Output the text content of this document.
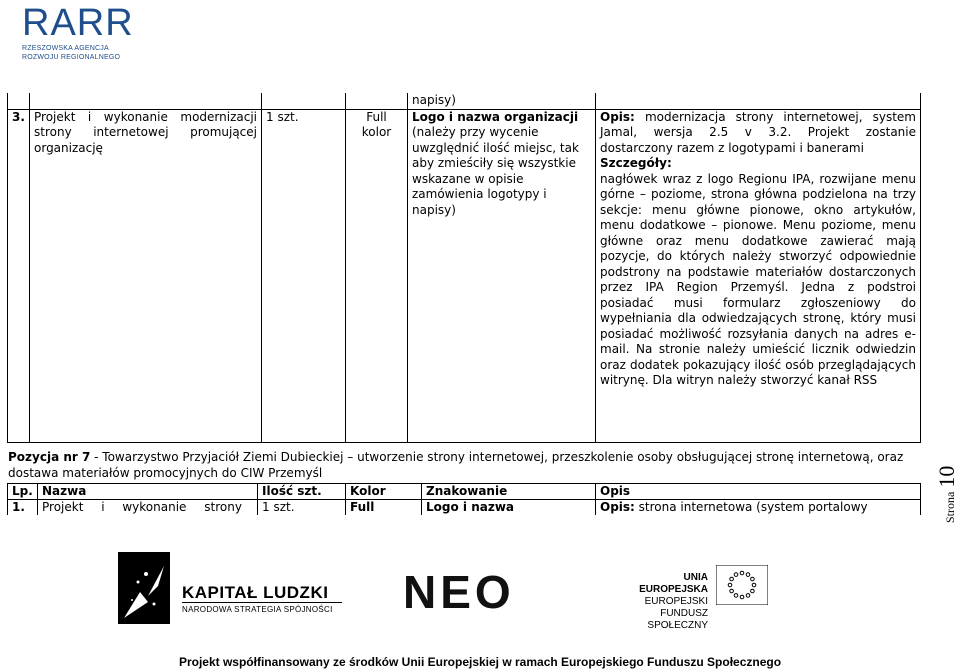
RARR
RZESZOWSKA AGENCJA
ROZWOJU REGIONALNEGO
				napisy)	
3.	Projekt i wykonanie modernizacji strony internetowej promującej organizację	1 szt.	Full kolor	Logo i nazwa organizacji (należy przy wycenie uwzględnić ilość miejsc, tak aby zmieściły się wszystkie wskazane w opisie zamówienia logotypy i napisy)	Opis: modernizacja strony internetowej, system Jamal, wersja 2.5 v 3.2. Projekt zostanie dostarczony razem z logotypami i banerami
Szczegóły:
nagłówek wraz z logo Regionu IPA, rozwijane menu górne – poziome, strona główna podzielona na trzy sekcje: menu główne pionowe, okno artykułów, menu dodatkowe – pionowe. Menu poziome, menu główne oraz menu dodatkowe zawierać mają pozycje, do których należy stworzyć odpowiednie podstrony na podstawie materiałów dostarczonych przez IPA Region Przemyśl. Jedna z podstroi posiadać musi formularz zgłoszeniowy do wypełniania dla odwiedzających stronę, który musi posiadać możliwość rozsyłania danych na adres e-mail. Na stronie należy umieścić licznik odwiedzin oraz dodatek pokazujący ilość osób przeglądających witrynę. Dla witryn należy stworzyć kanał RSS
Pozycja nr 7 - Towarzystwo Przyjaciół Ziemi Dubieckiej – utworzenie strony internetowej, przeszkolenie osoby obsługującej stronę internetową, oraz dostawa materiałów promocyjnych do CIW Przemyśl
Lp.	Nazwa	Ilość szt.	Kolor	Znakowanie	Opis
1.	Projekt i wykonanie strony	1 szt.	Full	Logo i nazwa	Opis: strona internetowa (system portalowy	Strona 10
KAPITAŁ LUDZKI
NARODOWA STRATEGIA SPÓJNOŚCI NEO	UNIA EUROPEJSKA
EUROPEJSKI
FUNDUSZ SPOŁECZNY
Projekt współfinansowany ze środków Unii Europejskiej w ramach Europejskiego Funduszu Społecznego
